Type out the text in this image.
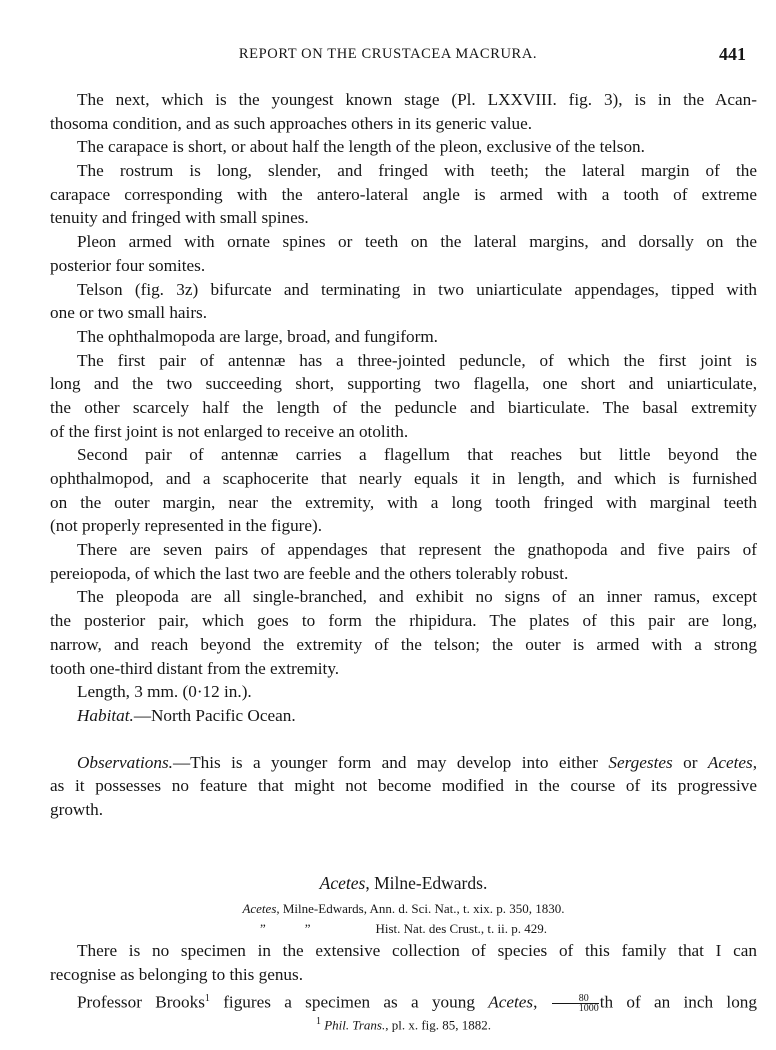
REPORT ON THE CRUSTACEA MACRURA.	441
The next, which is the youngest known stage (Pl. LXXVIII. fig. 3), is in the Acan-
thosoma condition, and as such approaches others in its generic value.
The carapace is short, or about half the length of the pleon, exclusive of the telson.
The rostrum is long, slender, and fringed with teeth; the lateral margin of the
carapace corresponding with the antero-lateral angle is armed with a tooth of extreme
tenuity and fringed with small spines.
Pleon armed with ornate spines or teeth on the lateral margins, and dorsally on the
posterior four somites.
Telson (fig. 3z) bifurcate and terminating in two uniarticulate appendages, tipped with
one or two small hairs.
The ophthalmopoda are large, broad, and fungiform.
The first pair of antennæ has a three-jointed peduncle, of which the first joint is
long and the two succeeding short, supporting two flagella, one short and uniarticulate,
the other scarcely half the length of the peduncle and biarticulate. The basal extremity
of the first joint is not enlarged to receive an otolith.
Second pair of antennæ carries a flagellum that reaches but little beyond the
ophthalmopod, and a scaphocerite that nearly equals it in length, and which is furnished
on the outer margin, near the extremity, with a long tooth fringed with marginal teeth
(not properly represented in the figure).
There are seven pairs of appendages that represent the gnathopoda and five pairs of
pereiopoda, of which the last two are feeble and the others tolerably robust.
The pleopoda are all single-branched, and exhibit no signs of an inner ramus, except
the posterior pair, which goes to form the rhipidura. The plates of this pair are long,
narrow, and reach beyond the extremity of the telson; the outer is armed with a strong
tooth one-third distant from the extremity.
Length, 3 mm. (0·12 in.).
Habitat.—North Pacific Ocean.
Observations.—This is a younger form and may develop into either Sergestes or Acetes,
as it possesses no feature that might not become modified in the course of its progressive
growth.
Acetes, Milne-Edwards.
Acetes, Milne-Edwards, Ann. d. Sci. Nat., t. xix. p. 350, 1830.
”            ”                    Hist. Nat. des Crust., t. ii. p. 429.
There is no specimen in the extensive collection of species of this family that I can
recognise as belonging to this genus.
Professor Brooks$^1$ figures a specimen as a young Acetes, $\frac{80}{1000}$ th of an inch long
$^1$ Phil. Trans., pl. x. fig. 85, 1882.
